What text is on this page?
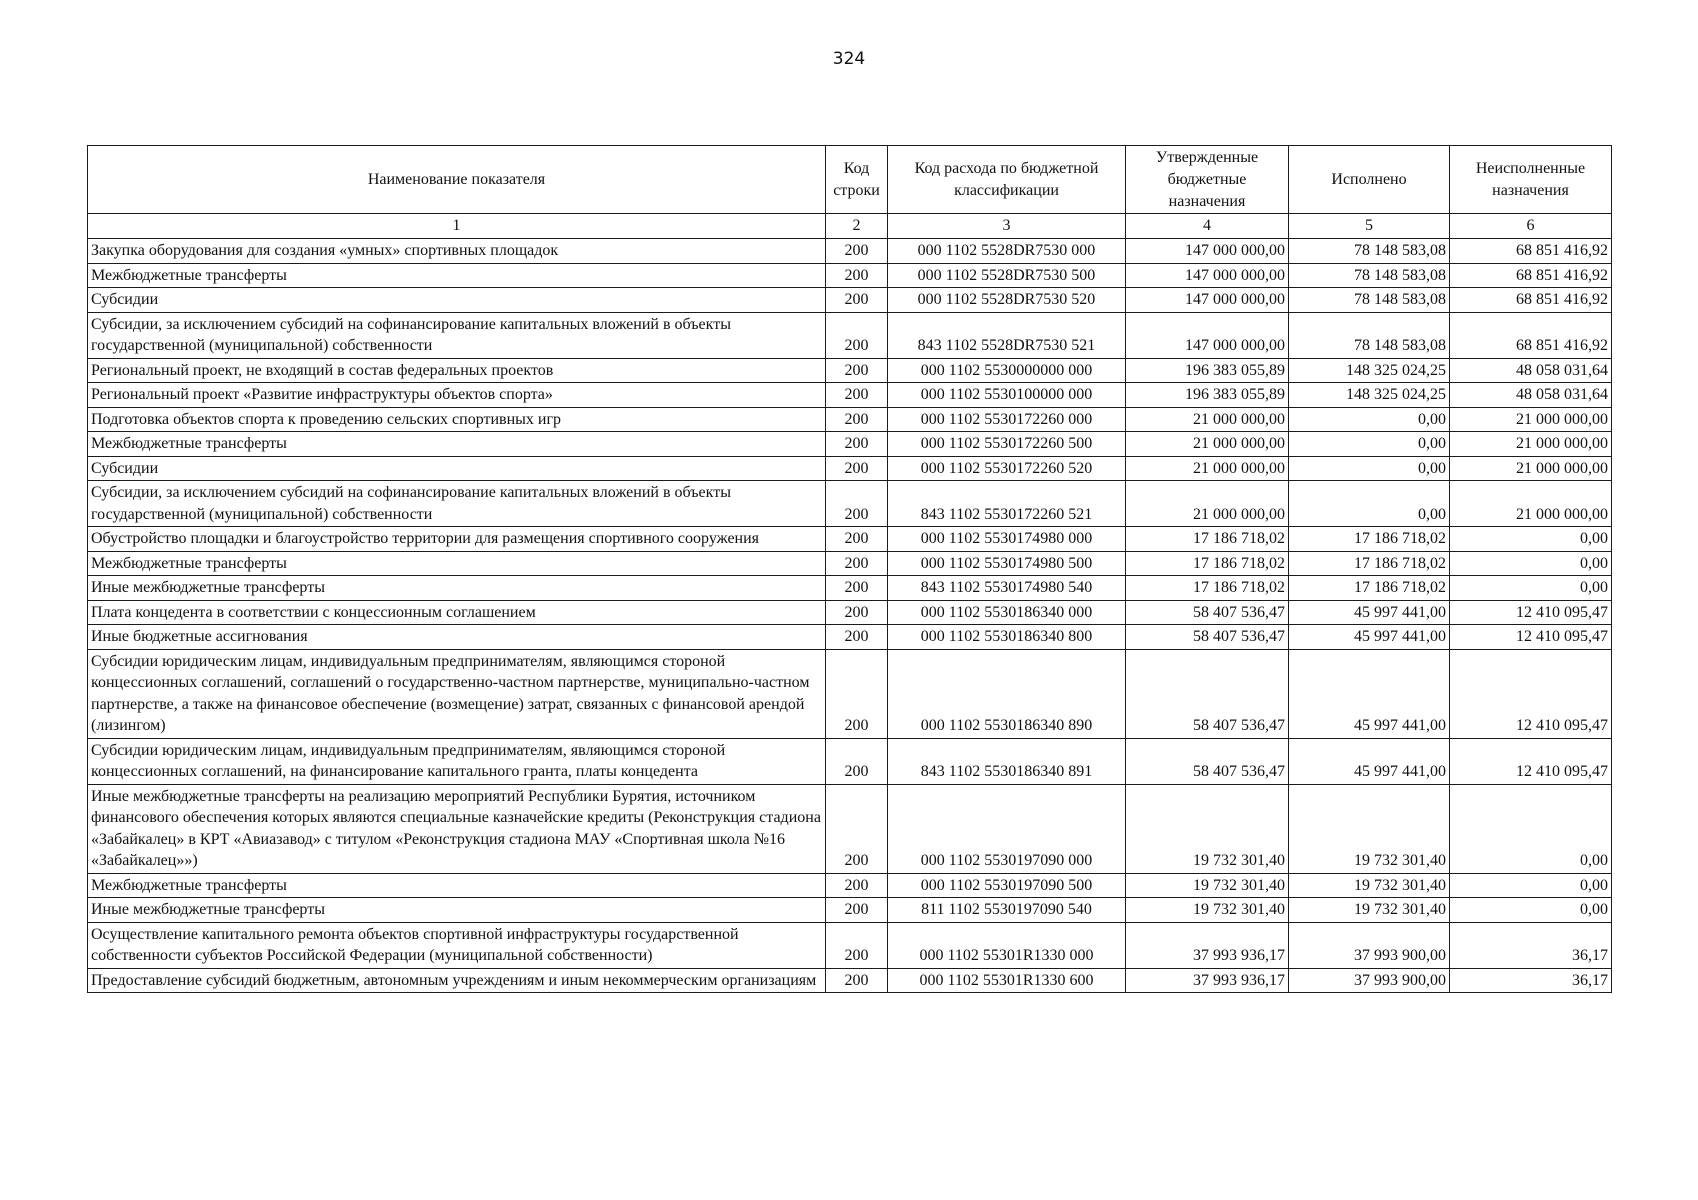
324
Наименование показателя	Код строки	Код расхода по бюджетной классификации	Утвержденные бюджетные назначения	Исполнено	Неисполненные назначения
1	2	3	4	5	6
Закупка оборудования для создания «умных» спортивных площадок	200	000 1102 5528DR7530 000	147 000 000,00	78 148 583,08	68 851 416,92
Межбюджетные трансферты	200	000 1102 5528DR7530 500	147 000 000,00	78 148 583,08	68 851 416,92
Субсидии	200	000 1102 5528DR7530 520	147 000 000,00	78 148 583,08	68 851 416,92
Субсидии, за исключением субсидий на софинансирование капитальных вложений в объекты государственной (муниципальной) собственности	200	843 1102 5528DR7530 521	147 000 000,00	78 148 583,08	68 851 416,92
Региональный проект, не входящий в состав федеральных проектов	200	000 1102 5530000000 000	196 383 055,89	148 325 024,25	48 058 031,64
Региональный проект «Развитие инфраструктуры объектов спорта»	200	000 1102 5530100000 000	196 383 055,89	148 325 024,25	48 058 031,64
Подготовка объектов спорта к проведению сельских спортивных игр	200	000 1102 5530172260 000	21 000 000,00	0,00	21 000 000,00
Межбюджетные трансферты	200	000 1102 5530172260 500	21 000 000,00	0,00	21 000 000,00
Субсидии	200	000 1102 5530172260 520	21 000 000,00	0,00	21 000 000,00
Субсидии, за исключением субсидий на софинансирование капитальных вложений в объекты государственной (муниципальной) собственности	200	843 1102 5530172260 521	21 000 000,00	0,00	21 000 000,00
Обустройство площадки и благоустройство территории для размещения спортивного сооружения	200	000 1102 5530174980 000	17 186 718,02	17 186 718,02	0,00
Межбюджетные трансферты	200	000 1102 5530174980 500	17 186 718,02	17 186 718,02	0,00
Иные межбюджетные трансферты	200	843 1102 5530174980 540	17 186 718,02	17 186 718,02	0,00
Плата концедента в соответствии с концессионным соглашением	200	000 1102 5530186340 000	58 407 536,47	45 997 441,00	12 410 095,47
Иные бюджетные ассигнования	200	000 1102 5530186340 800	58 407 536,47	45 997 441,00	12 410 095,47
Субсидии юридическим лицам, индивидуальным предпринимателям, являющимся стороной концессионных соглашений, соглашений о государственно-частном партнерстве, муниципально-частном партнерстве, а также на финансовое обеспечение (возмещение) затрат, связанных с финансовой арендой (лизингом)	200	000 1102 5530186340 890	58 407 536,47	45 997 441,00	12 410 095,47
Субсидии юридическим лицам, индивидуальным предпринимателям, являющимся стороной концессионных соглашений, на финансирование капитального гранта, платы концедента	200	843 1102 5530186340 891	58 407 536,47	45 997 441,00	12 410 095,47
Иные межбюджетные трансферты на реализацию мероприятий Республики Бурятия, источником финансового обеспечения которых являются специальные казначейские кредиты (Реконструкция стадиона «Забайкалец» в КРТ «Авиазавод» с титулом «Реконструкция стадиона МАУ «Спортивная школа №16 «Забайкалец»»)	200	000 1102 5530197090 000	19 732 301,40	19 732 301,40	0,00
Межбюджетные трансферты	200	000 1102 5530197090 500	19 732 301,40	19 732 301,40	0,00
Иные межбюджетные трансферты	200	811 1102 5530197090 540	19 732 301,40	19 732 301,40	0,00
Осуществление капитального ремонта объектов спортивной инфраструктуры государственной собственности субъектов Российской Федерации (муниципальной собственности)	200	000 1102 55301R1330 000	37 993 936,17	37 993 900,00	36,17
Предоставление субсидий бюджетным, автономным учреждениям и иным некоммерческим организациям	200	000 1102 55301R1330 600	37 993 936,17	37 993 900,00	36,17
